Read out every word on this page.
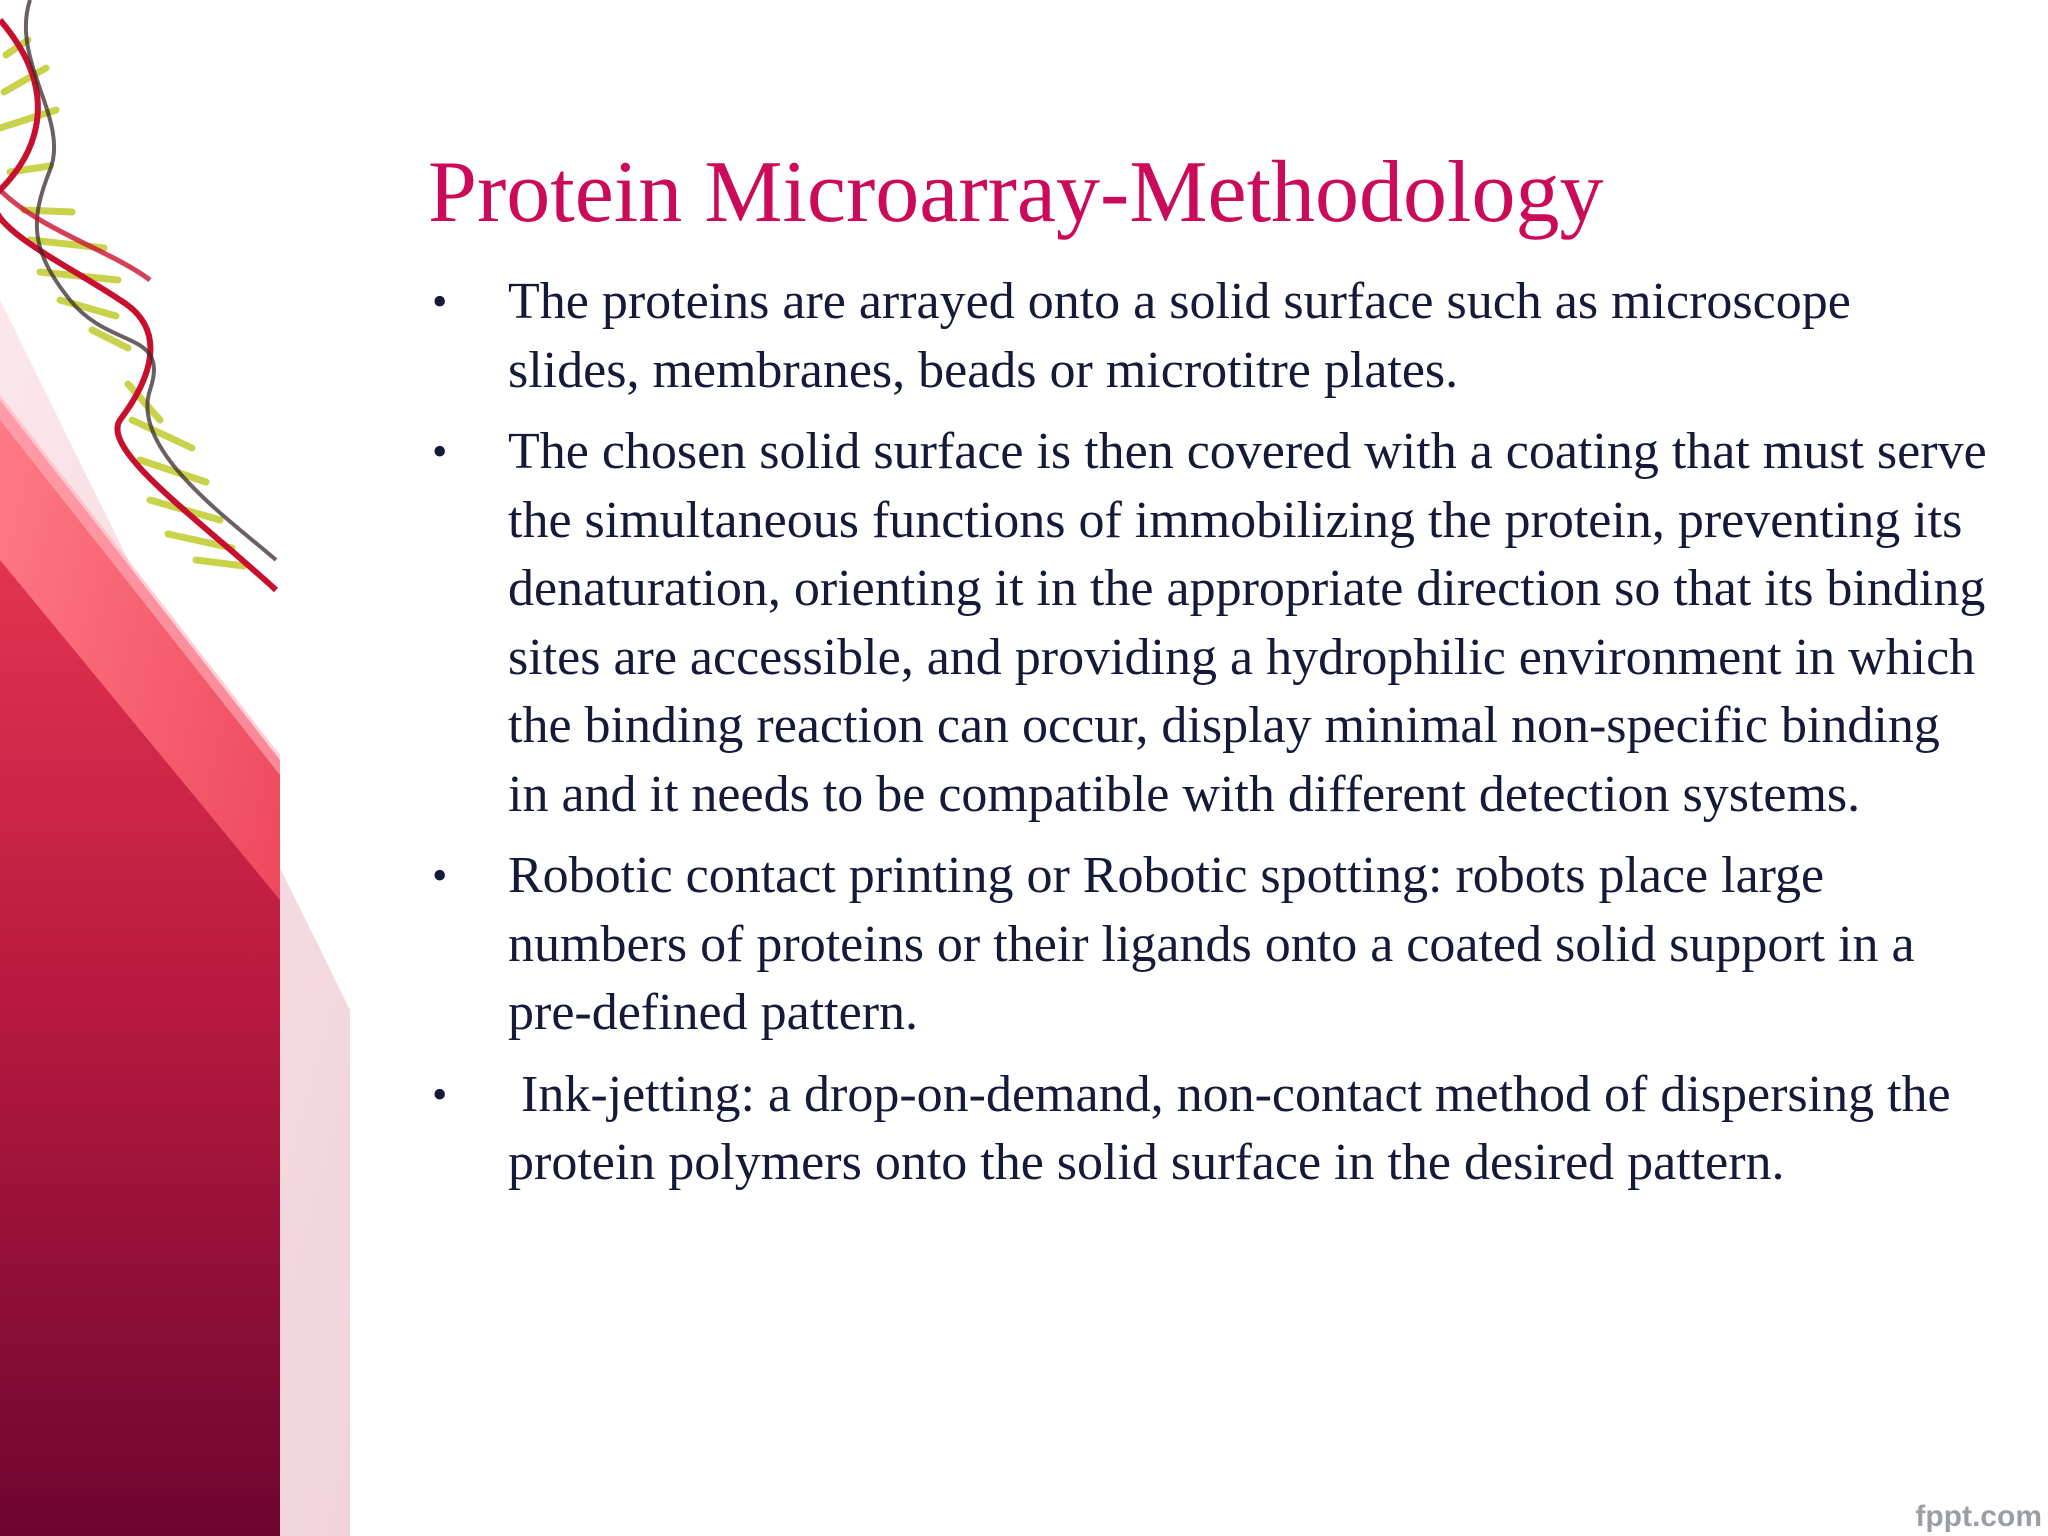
Protein Microarray-Methodology
• The proteins are arrayed onto a solid surface such as microscope slides, membranes, beads or microtitre plates.
• The chosen solid surface is then covered with a coating that must serve the simultaneous functions of immobilizing the protein, preventing its denaturation, orienting it in the appropriate direction so that its binding sites are accessible, and providing a hydrophilic environment in which the binding reaction can occur, display minimal non-specific binding in and it needs to be compatible with different detection systems.
• Robotic contact printing or Robotic spotting: robots place large numbers of proteins or their ligands onto a coated solid support in a pre-defined pattern.
• Ink-jetting: a drop-on-demand, non-contact method of dispersing the protein polymers onto the solid surface in the desired pattern.
fppt.com
